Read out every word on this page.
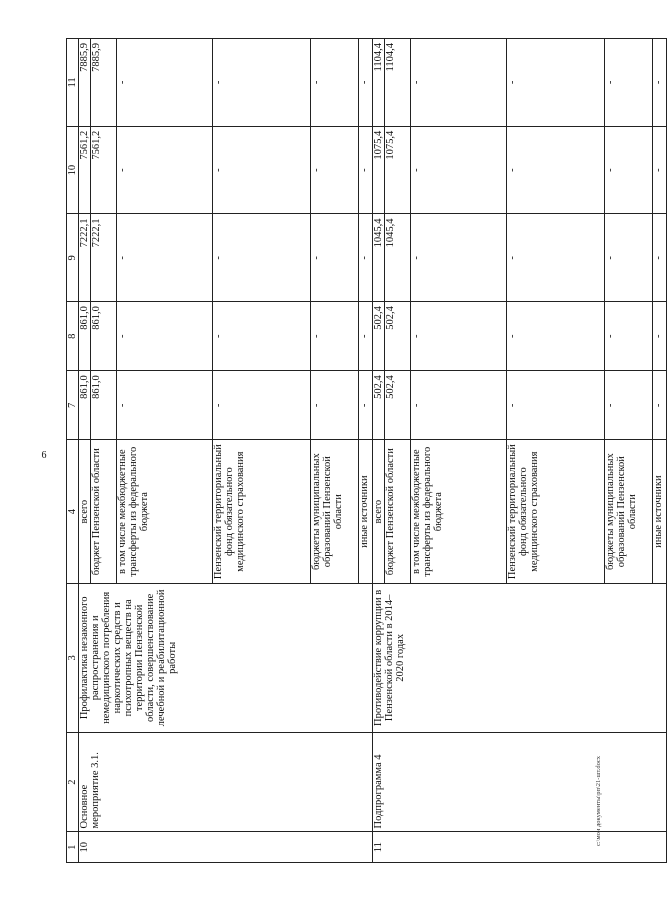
6
1	2	3	4	7	8	9	10	11
10	Основное мероприятие 3.1.	Профилактика незаконного распространения и немедицинского потребления наркотических средств и психотропных веществ на территории Пензенской области, совершенствование лечебной и реабилитационной работы	всего	861,0	861,0	7222,1	7561,2	7885,9
			бюджет Пензенской области	861,0	861,0	7222,1	7561,2	7885,9
			в том числе межбюджетные трансферты из федерального бюджета	-	-	-	-	-
			Пензенский территориальный фонд обязательного медицинского страхования	-	-	-	-	-
			бюджеты муниципальных образований Пензенской области	-	-	-	-	-
			иные источники	-	-	-	-	-
11	Подпрограмма 4	Противодействие коррупции в Пензенской области в 2014–2020 годах	всего	502,4	502,4	1045,4	1075,4	1104,4
			бюджет Пензенской области	502,4	502,4	1045,4	1075,4	1104,4
			в том числе межбюджетные трансферты из федерального бюджета	-	-	-	-	-
			Пензенский территориальный фонд обязательного медицинского страхования	-	-	-	-	-
			бюджеты муниципальных образований Пензенской области	-	-	-	-	-
			иные источники	-	-	-	-	-
c:\мои документы\рп\21-шт.docx
